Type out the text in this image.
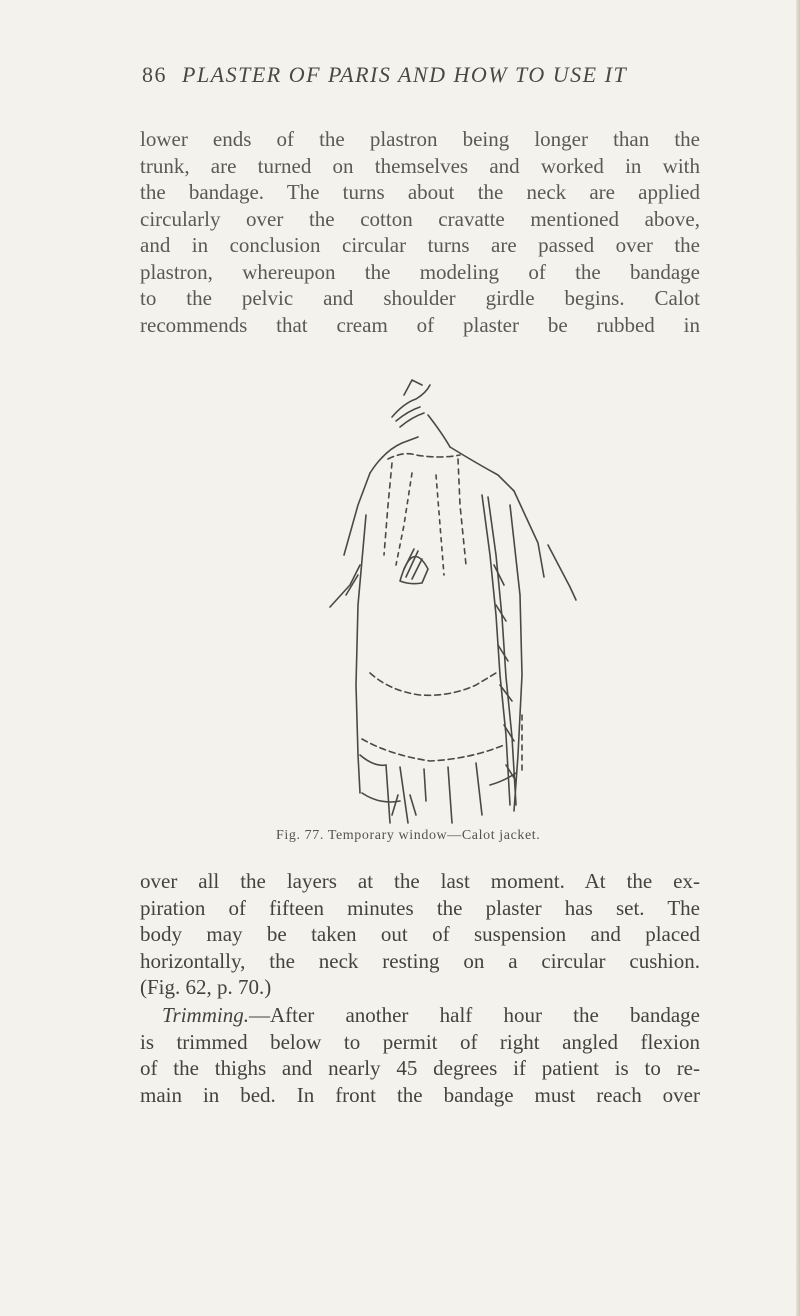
86 PLASTER OF PARIS AND HOW TO USE IT
lower ends of the plastron being longer than the
trunk, are turned on themselves and worked in with
the bandage. The turns about the neck are applied
circularly over the cotton cravatte mentioned above,
and in conclusion circular turns are passed over the
plastron, whereupon the modeling of the bandage
to the pelvic and shoulder girdle begins. Calot
recommends that cream of plaster be rubbed in
Fig. 77. Temporary window—Calot jacket.
over all the layers at the last moment. At the ex-
piration of fifteen minutes the plaster has set. The
body may be taken out of suspension and placed
horizontally, the neck resting on a circular cushion.
(Fig. 62, p. 70.)
Trimming.—After another half hour the bandage
is trimmed below to permit of right angled flexion
of the thighs and nearly 45 degrees if patient is to re-
main in bed. In front the bandage must reach over
